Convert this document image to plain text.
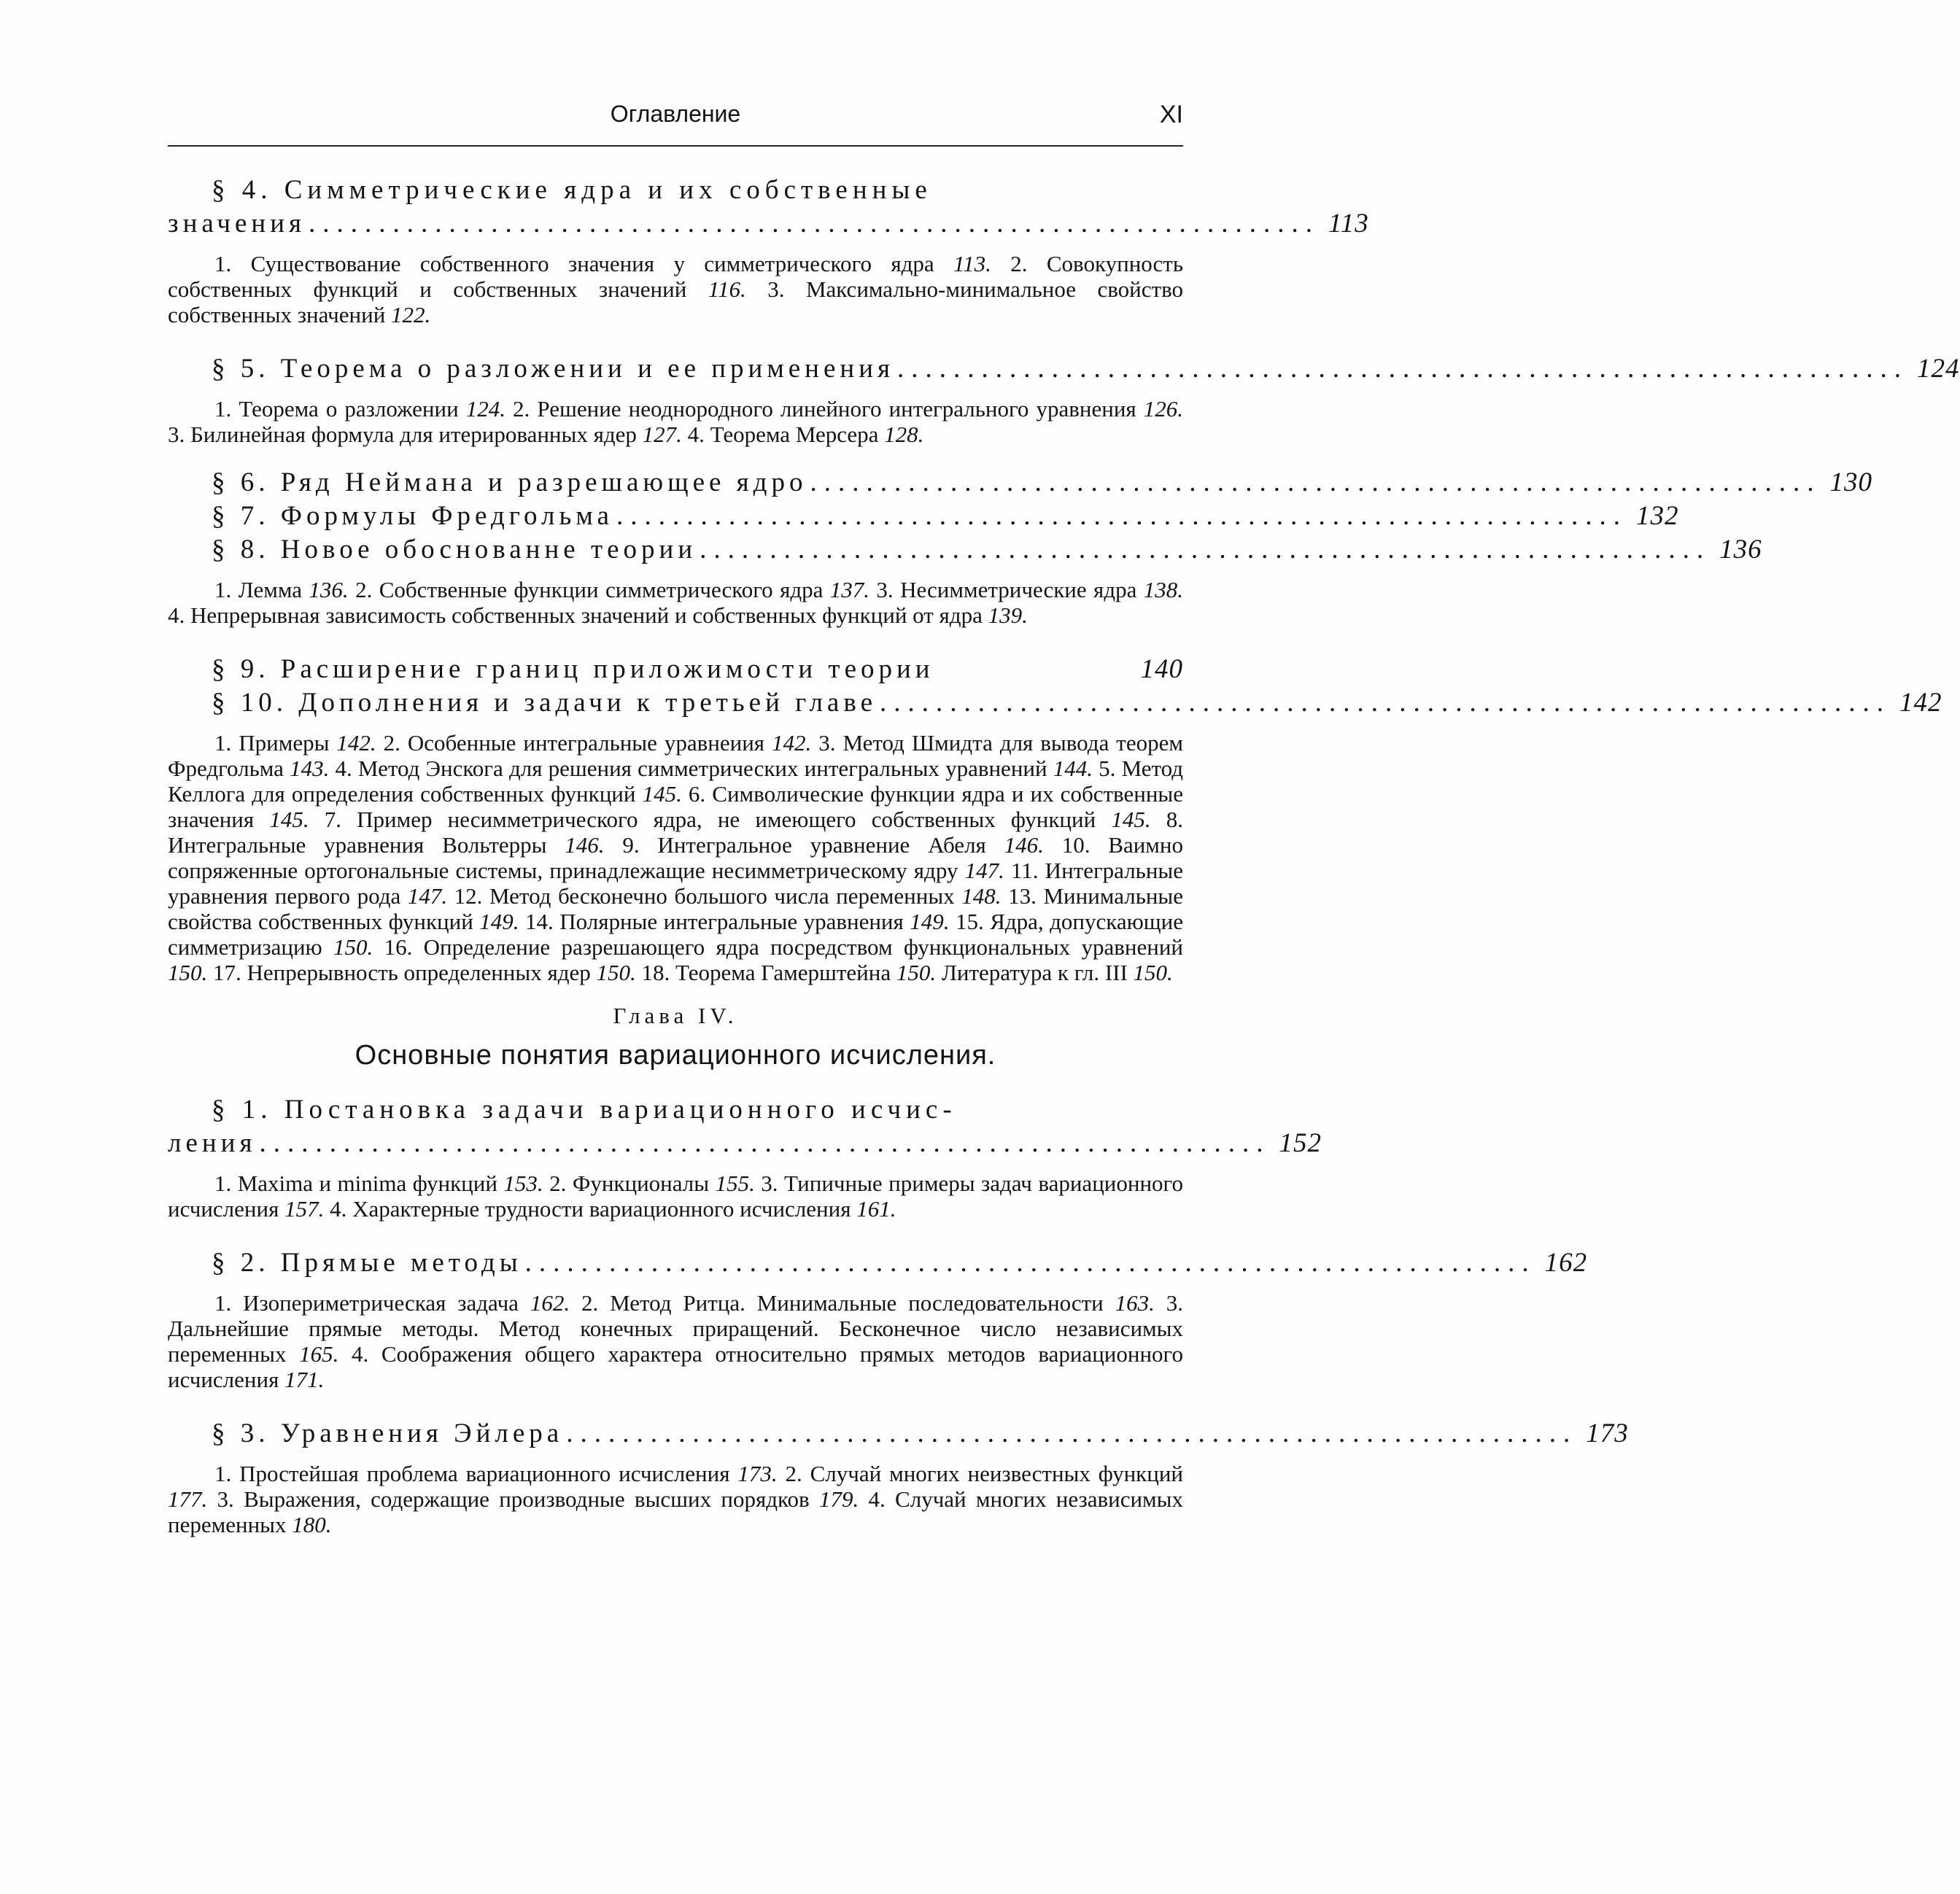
Оглавление	XI
§ 4. Симметрические ядра и их собственные
значения ........................................................................ 113

1. Существование собственного значения у симметрического ядра 113. 2. Совокупность собственных функций и собственных значений 116. 3. Максимально-минимальное свойство собственных значений 122.

§ 5. Теорема о разложении и ее применения ........................................................................ 124

1. Теорема о разложении 124. 2. Решение неоднородного линейного интегрального уравнения 126. 3. Билинейная формула для итерированных ядер 127. 4. Теорема Мерсера 128.

§ 6. Ряд Неймана и разрешающее ядро ........................................................................ 130
§ 7. Формулы Фредгольма ........................................................................ 132
§ 8. Новое обоснованне теории ........................................................................ 136

1. Лемма 136. 2. Собственные функции симметрического ядра 137. 3. Несимметрические ядра 138. 4. Непрерывная зависимость собственных значений и собственных функций от ядра 139.

§ 9. Расширение границ приложимости теории	140
§ 10. Дополнения и задачи к третьей главе ........................................................................ 142

1. Примеры 142. 2. Особенные интегральные уравнеиия 142. 3. Метод Шмидта для вывода теорем Фредгольма 143. 4. Метод Энскога для решения симметрических интегральных уравнений 144. 5. Метод Келлога для определения собственных функций 145. 6. Символические функции ядра и их собственные значения 145. 7. Пример несимметрического ядра, не имеющего собственных функций 145. 8. Интегральные уравнения Вольтерры 146. 9. Интегральное уравнение Абеля 146. 10. Ваимно сопряженные ортогональные системы, принадлежащие несимметрическому ядру 147. 11. Интегральные уравнения первого рода 147. 12. Метод бесконечно большого числа переменных 148. 13. Минимальные свойства собственных функций 149. 14. Полярные интегральные уравнения 149. 15. Ядра, допускающие симметризацию 150. 16. Определение разрешающего ядра посредством функциональных уравнений 150. 17. Непрерывность определенных ядер 150. 18. Теорема Гамерштейна 150. Литература к гл. III 150.

Глава IV.
Основные понятия вариационного исчисления.
§ 1. Постановка задачи вариационного исчис-
ления ........................................................................ 152

1. Maxima и minima функций 153. 2. Функционалы 155. 3. Типичные примеры задач вариационного исчисления 157. 4. Характерные трудности вариационного исчисления 161.

§ 2. Прямые методы ........................................................................ 162

1. Изопериметрическая задача 162. 2. Метод Ритца. Минимальные последовательности 163. 3. Дальнейшие прямые методы. Метод конечных приращений. Бесконечное число независимых переменных 165. 4. Соображения общего характера относительно прямых методов вариационного исчисления 171.

§ 3. Уравнения Эйлера ........................................................................ 173

1. Простейшая проблема вариационного исчисления 173. 2. Случай многих неизвестных функций 177. 3. Выражения, содержащие производные высших порядков 179. 4. Случай многих независимых переменных 180.
